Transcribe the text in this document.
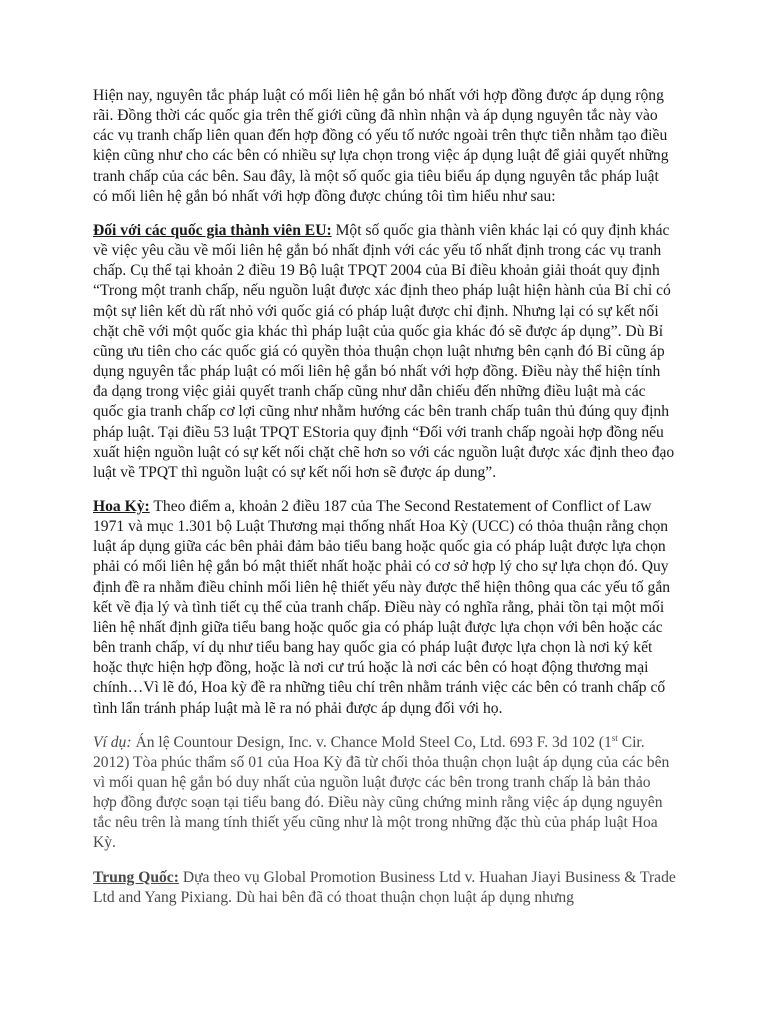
Hiện nay, nguyên tắc pháp luật có mối liên hệ gắn bó nhất với hợp đồng được áp dụng rộng rãi. Đồng thời các quốc gia trên thế giới cũng đã nhìn nhận và áp dụng nguyên tắc này vào các vụ tranh chấp liên quan đến hợp đồng có yếu tố nước ngoài trên thực tiễn nhằm tạo điều kiện cũng như cho các bên có nhiều sự lựa chọn trong việc áp dụng luật để giải quyết những tranh chấp của các bên. Sau đây, là một số quốc gia tiêu biểu áp dụng nguyên tắc pháp luật có mối liên hệ gắn bó nhất với hợp đồng được chúng tôi tìm hiểu như sau:

Đối với các quốc gia thành viên EU: Một số quốc gia thành viên khác lại có quy định khác về việc yêu cầu về mối liên hệ gắn bó nhất định với các yếu tố nhất định trong các vụ tranh chấp. Cụ thể tại khoản 2 điều 19 Bộ luật TPQT 2004 của Bỉ điều khoản giải thoát quy định “Trong một tranh chấp, nếu nguồn luật được xác định theo pháp luật hiện hành của Bỉ chỉ có một sự liên kết dù rất nhỏ với quốc giá có pháp luật được chỉ định. Nhưng lại có sự kết nối chặt chẽ với một quốc gia khác thì pháp luật của quốc gia khác đó sẽ được áp dụng”. Dù Bỉ cũng ưu tiên cho các quốc giá có quyền thỏa thuận chọn luật nhưng bên cạnh đó Bỉ cũng áp dụng nguyên tắc pháp luật có mối liên hệ gắn bó nhất với hợp đồng. Điều này thể hiện tính đa dạng trong việc giải quyết tranh chấp cũng như dẫn chiếu đến những điều luật mà các quốc gia tranh chấp cơ lợi cũng như nhằm hướng các bên tranh chấp tuân thủ đúng quy định pháp luật. Tại điều 53 luật TPQT EStoria quy định “Đối với tranh chấp ngoài hợp đồng nếu xuất hiện nguồn luật có sự kết nối chặt chẽ hơn so với các nguồn luật được xác định theo đạo luật về TPQT thì nguồn luật có sự kết nối hơn sẽ được áp dung”.

Hoa Kỳ: Theo điểm a, khoản 2 điều 187 của The Second Restatement of Conflict of Law 1971 và mục 1.301 bộ Luật Thương mại thống nhất Hoa Kỳ (UCC) có thỏa thuận rằng chọn luật áp dụng giữa các bên phải đảm bảo tiểu bang hoặc quốc gia có pháp luật được lựa chọn phải có mối liên hệ gắn bó mật thiết nhất hoặc phải có cơ sở hợp lý cho sự lựa chọn đó. Quy định đề ra nhằm điều chỉnh mối liên hệ thiết yếu này được thể hiện thông qua các yếu tố gắn kết về địa lý và tình tiết cụ thể của tranh chấp. Điều này có nghĩa rằng, phải tồn tại một mối liên hệ nhất định giữa tiểu bang hoặc quốc gia có pháp luật được lựa chọn với bên hoặc các bên tranh chấp, ví dụ như tiểu bang hay quốc gia có pháp luật được lựa chọn là nơi ký kết hoặc thực hiện hợp đồng, hoặc là nơi cư trú hoặc là nơi các bên có hoạt động thương mại chính…Vì lẽ đó, Hoa kỳ đề ra những tiêu chí trên nhằm tránh việc các bên có tranh chấp cố tình lẩn tránh pháp luật mà lẽ ra nó phải được áp dụng đối với họ.

Ví dụ: Án lệ Countour Design, Inc. v. Chance Mold Steel Co, Ltd. 693 F. 3d 102 (1st Cir. 2012) Tòa phúc thẩm số 01 của Hoa Kỳ đã từ chối thỏa thuận chọn luật áp dụng của các bên vì mối quan hệ gắn bó duy nhất của nguồn luật được các bên trong tranh chấp là bản thảo hợp đồng được soạn tại tiểu bang đó. Điều này cũng chứng minh rằng việc áp dụng nguyên tắc nêu trên là mang tính thiết yếu cũng như là một trong những đặc thù của pháp luật Hoa Kỳ.

Trung Quốc: Dựa theo vụ Global Promotion Business Ltd v. Huahan Jiayi Business & Trade Ltd and Yang Pixiang. Dù hai bên đã có thoat thuận chọn luật áp dụng nhưng
